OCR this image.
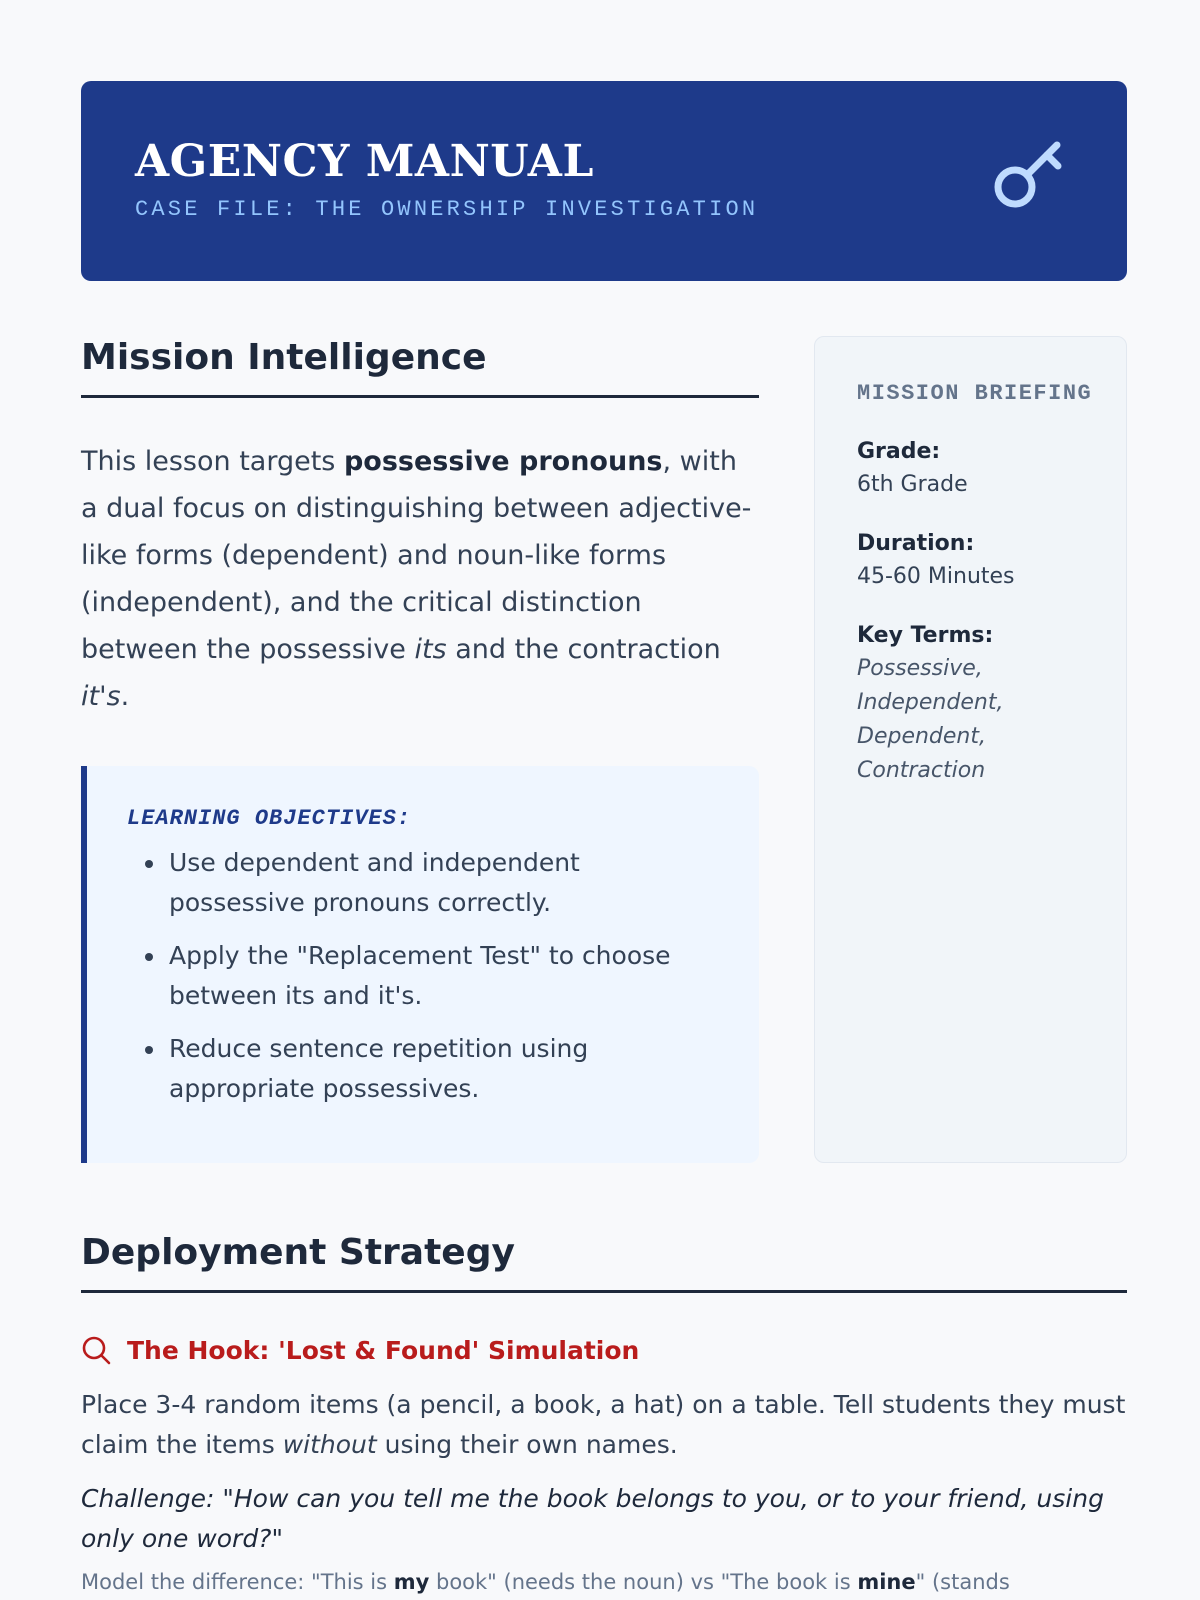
AGENCY MANUAL
CASE FILE: THE OWNERSHIP INVESTIGATION
Mission Intelligence

This lesson targets possessive pronouns, with a dual focus on distinguishing between adjective-like forms (dependent) and noun-like forms (independent), and the critical distinction between the possessive its and the contraction it's.

LEARNING OBJECTIVES:
• Use dependent and independent possessive pronouns correctly.
• Apply the "Replacement Test" to choose between its and it's.
• Reduce sentence repetition using appropriate possessives.
MISSION BRIEFING
Grade:
6th Grade
Duration:
45-60 Minutes
Key Terms:
Possessive,
Independent,
Dependent,
Contraction
Deployment Strategy
The Hook: 'Lost & Found' Simulation

Place 3-4 random items (a pencil, a book, a hat) on a table. Tell students they must claim the items without using their own names.

Challenge: "How can you tell me the book belongs to you, or to your friend, using only one word?"

Model the difference: "This is my book" (needs the noun) vs "The book is mine" (stands
